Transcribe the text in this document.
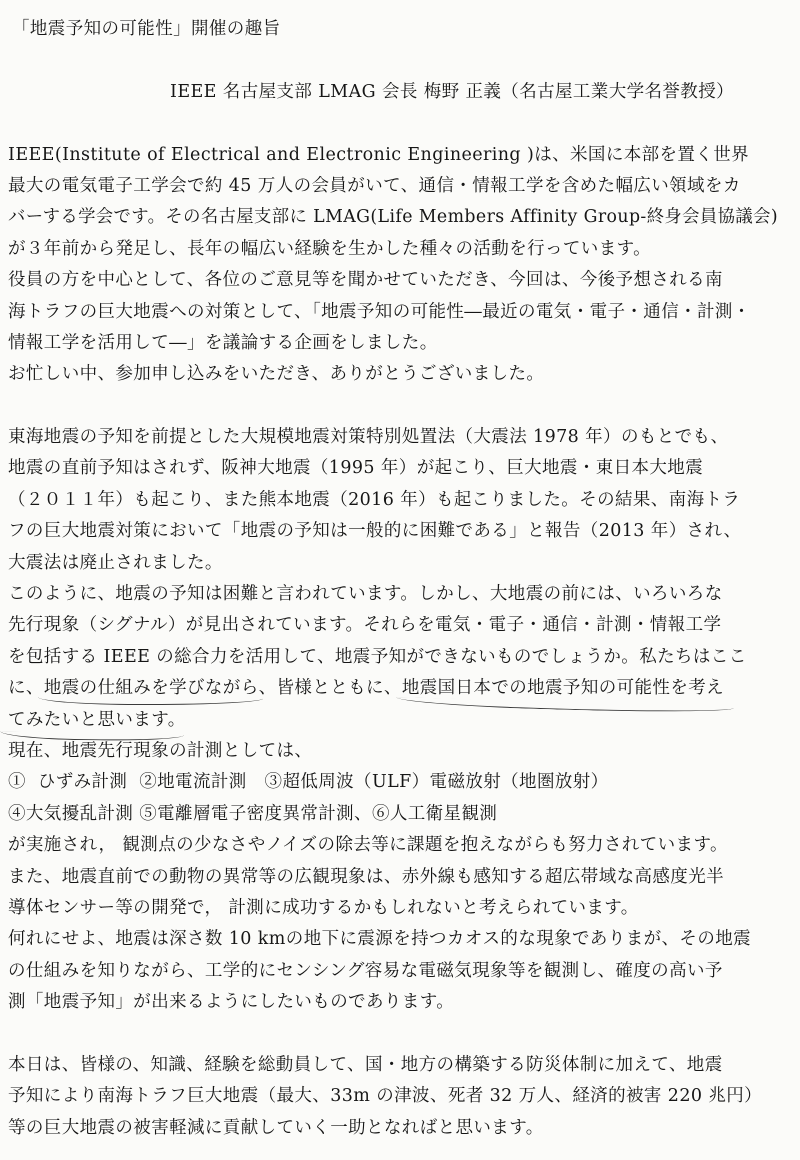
「地震予知の可能性」開催の趣旨
IEEE 名古屋支部 LMAG 会長 梅野 正義（名古屋工業大学名誉教授）
IEEE(Institute of Electrical and Electronic Engineering )は、米国に本部を置く世界
最大の電気電子工学会で約 45 万人の会員がいて、通信・情報工学を含めた幅広い領域をカ
バーする学会です。その名古屋支部に LMAG(Life Members Affinity Group-終身会員協議会)
が３年前から発足し、長年の幅広い経験を生かした種々の活動を行っています。
役員の方を中心として、各位のご意見等を聞かせていただき、今回は、今後予想される南
海トラフの巨大地震への対策として、「地震予知の可能性―最近の電気・電子・通信・計測・
情報工学を活用して―」を議論する企画をしました。
お忙しい中、参加申し込みをいただき、ありがとうございました。
東海地震の予知を前提とした大規模地震対策特別処置法（大震法 1978 年）のもとでも、
地震の直前予知はされず、阪神大地震（1995 年）が起こり、巨大地震・東日本大地震
（２０１１年）も起こり、また熊本地震（2016 年）も起こりました。その結果、南海トラ
フの巨大地震対策において「地震の予知は一般的に困難である」と報告（2013 年）され、
大震法は廃止されました。
このように、地震の予知は困難と言われています。しかし、大地震の前には、いろいろな
先行現象（シグナル）が見出されています。それらを電気・電子・通信・計測・情報工学
を包括する IEEE の総合力を活用して、地震予知ができないものでしょうか。私たちはここ
に、地震の仕組みを学びながら、皆様とともに、地震国日本での地震予知の可能性を考え
てみたいと思います。
現在、地震先行現象の計測としては、
①  ひずみ計測  ②地電流計測   ③超低周波（ULF）電磁放射（地圏放射）
④大気擾乱計測 ⑤電離層電子密度異常計測、⑥人工衛星観測
が実施され， 観測点の少なさやノイズの除去等に課題を抱えながらも努力されています。
また、地震直前での動物の異常等の広観現象は、赤外線も感知する超広帯域な高感度光半
導体センサー等の開発で， 計測に成功するかもしれないと考えられています。
何れにせよ、地震は深さ数 10 kmの地下に震源を持つカオス的な現象でありまが、その地震
の仕組みを知りながら、工学的にセンシング容易な電磁気現象等を観測し、確度の高い予
測「地震予知」が出来るようにしたいものであります。
本日は、皆様の、知識、経験を総動員して、国・地方の構築する防災体制に加えて、地震
予知により南海トラフ巨大地震（最大、33m の津波、死者 32 万人、経済的被害 220 兆円）
等の巨大地震の被害軽減に貢献していく一助となればと思います。
